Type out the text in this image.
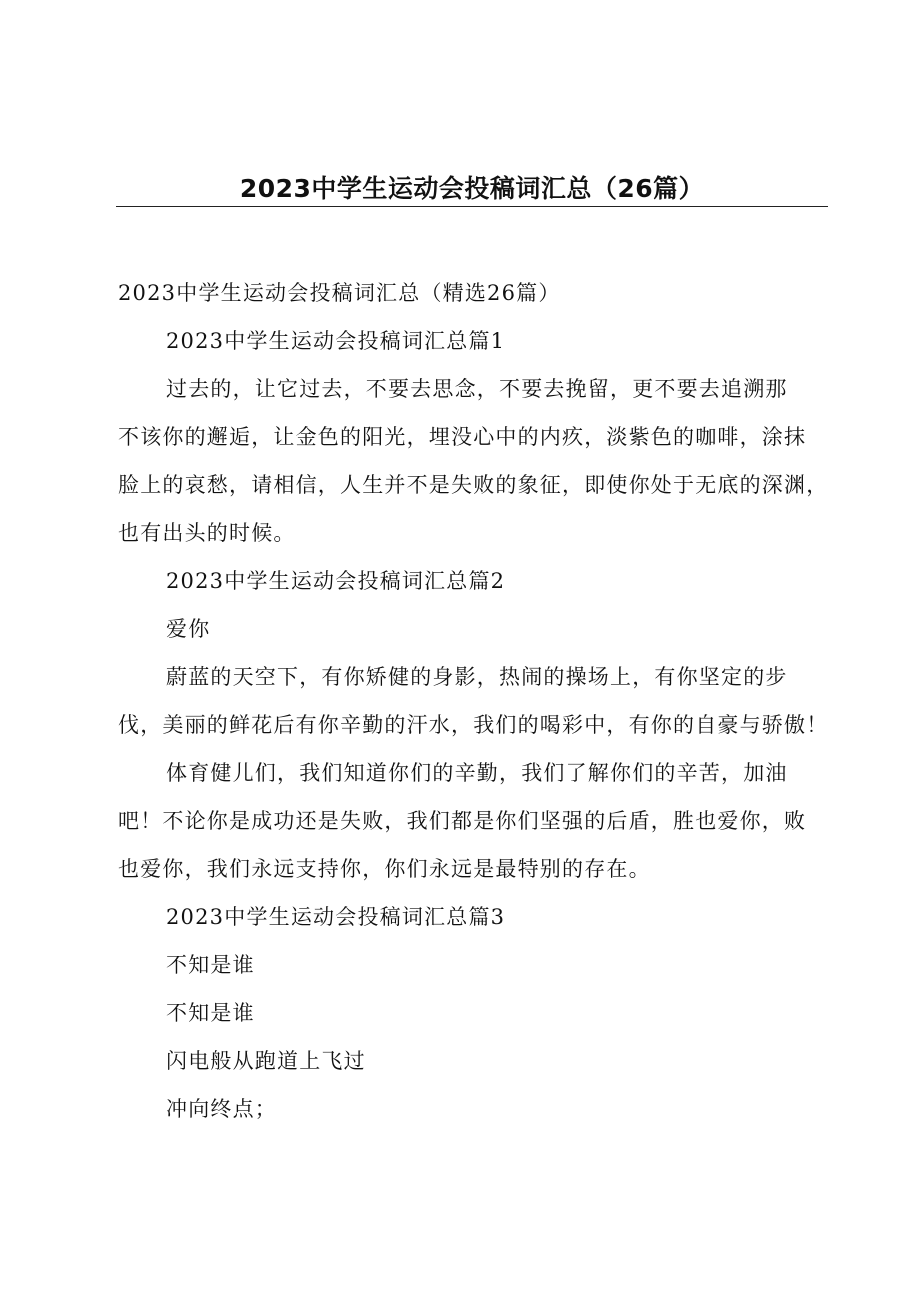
2023中学生运动会投稿词汇总（26篇）
2023中学生运动会投稿词汇总（精选26篇）
2023中学生运动会投稿词汇总篇1
过去的，让它过去，不要去思念，不要去挽留，更不要去追溯那
不该你的邂逅，让金色的阳光，埋没心中的内疚，淡紫色的咖啡，涂抹
脸上的哀愁，请相信，人生并不是失败的象征，即使你处于无底的深渊，
也有出头的时候。
2023中学生运动会投稿词汇总篇2
爱你
蔚蓝的天空下，有你矫健的身影，热闹的操场上，有你坚定的步
伐，美丽的鲜花后有你辛勤的汗水，我们的喝彩中，有你的自豪与骄傲！
体育健儿们，我们知道你们的辛勤，我们了解你们的辛苦，加油
吧！不论你是成功还是失败，我们都是你们坚强的后盾，胜也爱你，败
也爱你，我们永远支持你，你们永远是最特别的存在。
2023中学生运动会投稿词汇总篇3
不知是谁
不知是谁
闪电般从跑道上飞过
冲向终点；
